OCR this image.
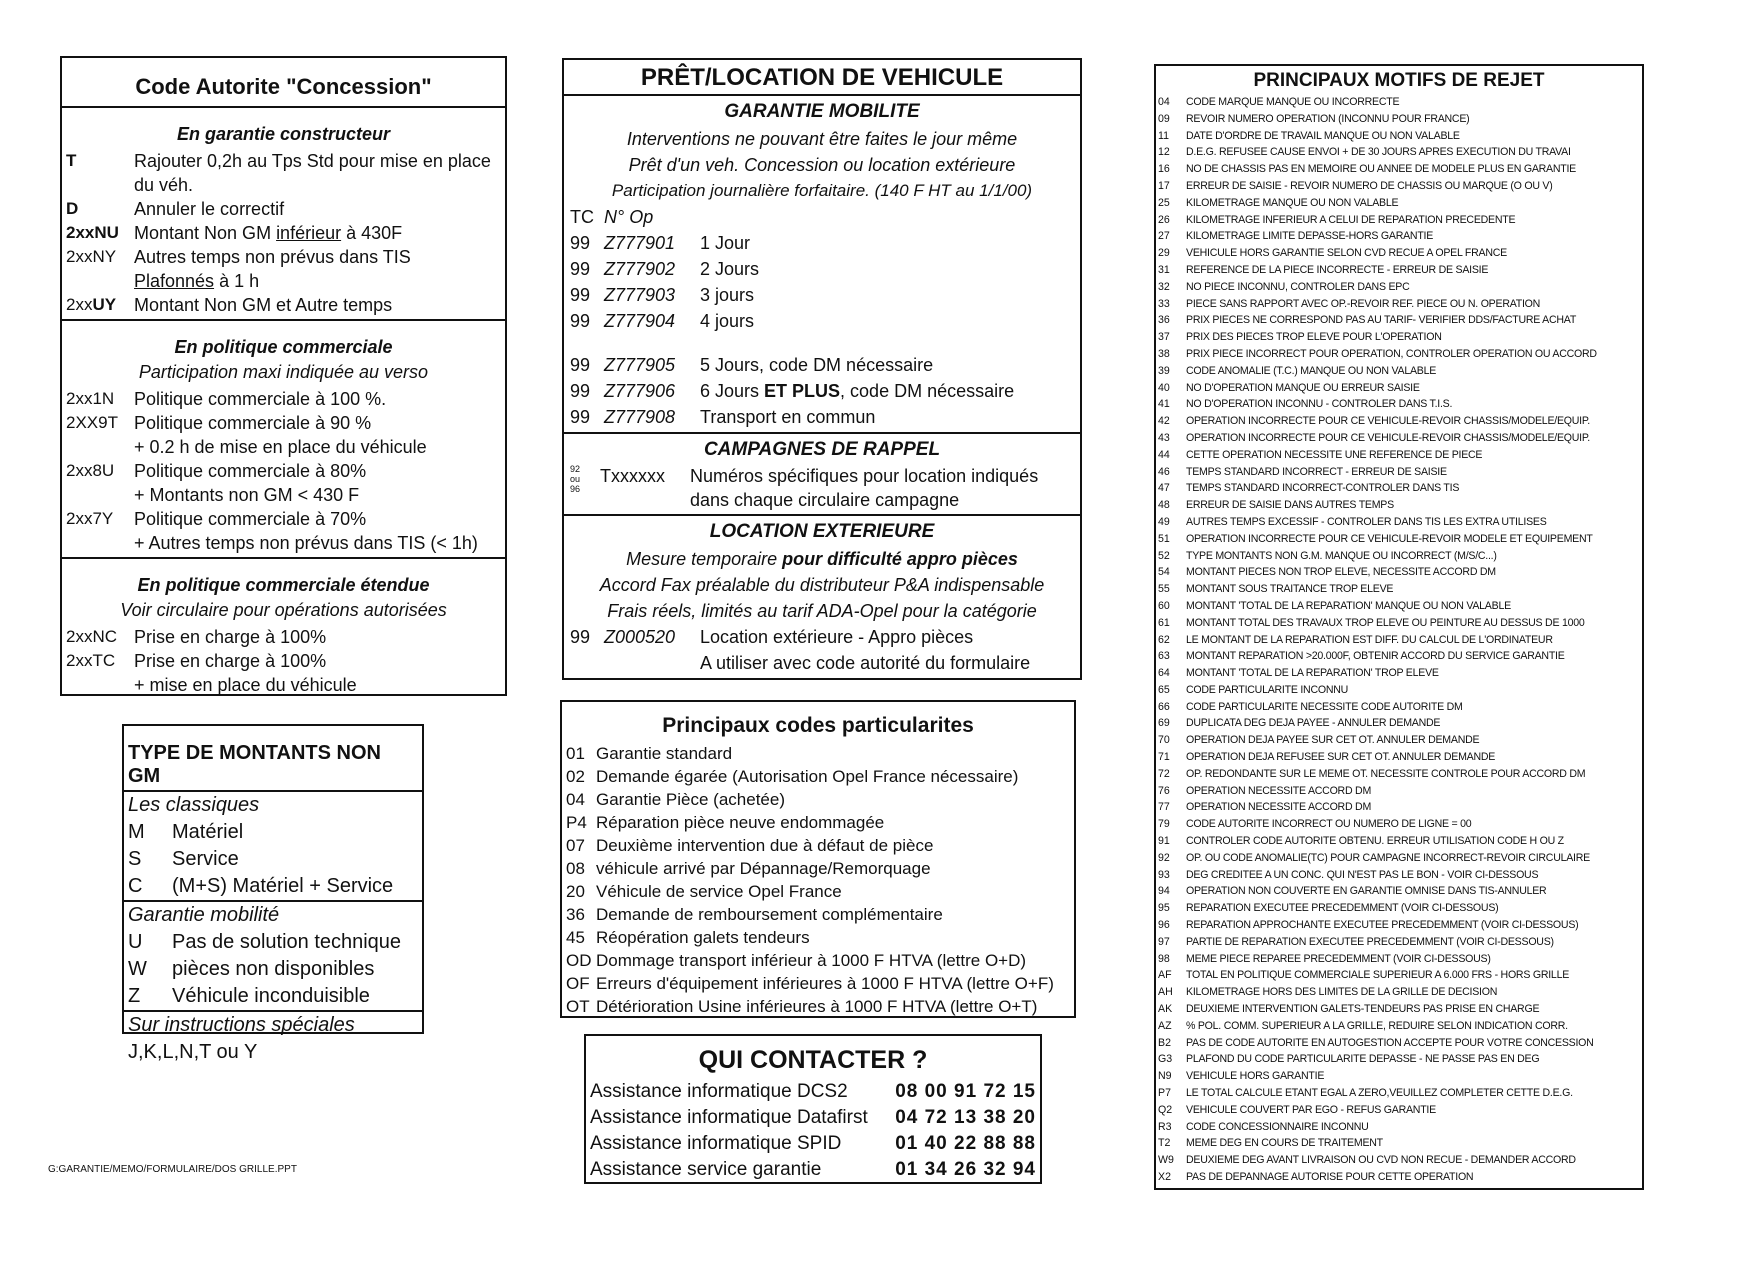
Code Autorite "Concession"
En garantie constructeur
T	Rajouter 0,2h au Tps Std pour mise en place du véh.
D	Annuler le correctif
2xxNU Montant Non GM inférieur à 430F
2xxNY Autres temps non prévus dans TIS
Plafonnés à 1 h
2xxUY Montant Non GM et Autre temps
En politique commerciale
Participation maxi indiquée au verso
2xx1N	Politique commerciale à 100 %.
2XX9T Politique commerciale à 90 %
+ 0.2 h de mise en place du véhicule
2xx8U	Politique commerciale à 80%
+ Montants non GM < 430 F
2xx7Y	Politique commerciale à 70%
+ Autres temps non prévus dans TIS (< 1h)
En politique commerciale étendue
Voir circulaire pour opérations autorisées
2xxNC Prise en charge à 100%
2xxTC	Prise en charge à 100%
+ mise en place du véhicule
TYPE DE MONTANTS NON GM
Les classiques
M	Matériel
S	Service
C	(M+S) Matériel + Service
Garantie mobilité
U	Pas de solution technique
W	pièces non disponibles
Z	Véhicule inconduisible
Sur instructions spéciales
J,K,L,N,T ou Y
PRÊT/LOCATION DE VEHICULE
GARANTIE MOBILITE
Interventions ne pouvant être faites le jour même
Prêt d'un veh. Concession ou location extérieure
Participation journalière forfaitaire. (140 F HT au 1/1/00)
TC N° Op
99 Z777901	1 Jour
99 Z777902	2 Jours
99 Z777903	3 jours
99 Z777904	4 jours
99 Z777905	5 Jours, code DM nécessaire
99 Z777906	6 Jours ET PLUS, code DM nécessaire
99 Z777908	Transport en commun
CAMPAGNES DE RAPPEL
92
ou
96
Txxxxxx	Numéros spécifiques pour location indiqués
dans chaque circulaire campagne
LOCATION EXTERIEURE
Mesure temporaire pour difficulté appro pièces
Accord Fax préalable du distributeur P&A indispensable
Frais réels, limités au tarif ADA-Opel pour la catégorie
99 Z000520	Location extérieure - Appro pièces
A utiliser avec code autorité du formulaire
Principaux codes particularites
01 Garantie standard
02 Demande égarée (Autorisation Opel France nécessaire)
04 Garantie Pièce (achetée)
P4 Réparation pièce neuve endommagée
07 Deuxième intervention due à défaut de pièce
08 véhicule arrivé par Dépannage/Remorquage
20 Véhicule de service Opel France
36 Demande de remboursement complémentaire
45 Réopération galets tendeurs
OD Dommage transport inférieur à 1000 F HTVA (lettre O+D)
OF Erreurs d'équipement inférieures à 1000 F HTVA (lettre O+F)
OT Détérioration Usine inférieures à 1000 F HTVA (lettre O+T)
QUI CONTACTER ?
Assistance informatique DCS2	08 00 91 72 15
Assistance informatique Datafirst 04 72 13 38 20
Assistance informatique SPID	01 40 22 88 88
Assistance service garantie	01 34 26 32 94
PRINCIPAUX MOTIFS DE REJET
04	CODE MARQUE MANQUE OU INCORRECTE
09	REVOIR NUMERO OPERATION (INCONNU POUR FRANCE)
11	DATE D'ORDRE DE TRAVAIL MANQUE OU NON VALABLE
12	D.E.G. REFUSEE CAUSE ENVOI + DE 30 JOURS APRES EXECUTION DU TRAVAI
16	NO DE CHASSIS PAS EN MEMOIRE OU ANNEE DE MODELE PLUS EN GARANTIE
17	ERREUR DE SAISIE - REVOIR NUMERO DE CHASSIS OU MARQUE (O OU V)
25	KILOMETRAGE MANQUE OU NON VALABLE
26	KILOMETRAGE INFERIEUR A CELUI DE REPARATION PRECEDENTE
27	KILOMETRAGE LIMITE DEPASSE-HORS GARANTIE
29	VEHICULE HORS GARANTIE SELON CVD RECUE A OPEL FRANCE
31	REFERENCE DE LA PIECE INCORRECTE - ERREUR DE SAISIE
32	NO PIECE INCONNU, CONTROLER DANS EPC
33	PIECE SANS RAPPORT AVEC OP.-REVOIR REF. PIECE OU N. OPERATION
36	PRIX PIECES NE CORRESPOND PAS AU TARIF- VERIFIER DDS/FACTURE ACHAT
37	PRIX DES PIECES TROP ELEVE POUR L'OPERATION
38	PRIX PIECE INCORRECT POUR OPERATION, CONTROLER OPERATION OU ACCORD
39	CODE ANOMALIE (T.C.) MANQUE OU NON VALABLE
40	NO D'OPERATION MANQUE OU ERREUR SAISIE
41	NO D'OPERATION INCONNU - CONTROLER DANS T.I.S.
42	OPERATION INCORRECTE POUR CE VEHICULE-REVOIR CHASSIS/MODELE/EQUIP.
43	OPERATION INCORRECTE POUR CE VEHICULE-REVOIR CHASSIS/MODELE/EQUIP.
44	CETTE OPERATION NECESSITE UNE REFERENCE DE PIECE
46	TEMPS STANDARD INCORRECT - ERREUR DE SAISIE
47	TEMPS STANDARD INCORRECT-CONTROLER DANS TIS
48	ERREUR DE SAISIE DANS AUTRES TEMPS
49	AUTRES TEMPS EXCESSIF - CONTROLER DANS TIS LES EXTRA UTILISES
51	OPERATION INCORRECTE POUR CE VEHICULE-REVOIR MODELE ET EQUIPEMENT
52	TYPE MONTANTS NON G.M. MANQUE OU INCORRECT (M/S/C...)
54	MONTANT PIECES NON TROP ELEVE, NECESSITE ACCORD DM
55	MONTANT SOUS TRAITANCE TROP ELEVE
60	MONTANT 'TOTAL DE LA REPARATION' MANQUE OU NON VALABLE
61	MONTANT TOTAL DES TRAVAUX TROP ELEVE OU PEINTURE AU DESSUS DE 1000
62	LE MONTANT DE LA REPARATION EST DIFF. DU CALCUL DE L'ORDINATEUR
63	MONTANT REPARATION >20.000F, OBTENIR ACCORD DU SERVICE GARANTIE
64	MONTANT 'TOTAL DE LA REPARATION' TROP ELEVE
65	CODE PARTICULARITE INCONNU
66	CODE PARTICULARITE NECESSITE CODE AUTORITE DM
69	DUPLICATA DEG DEJA PAYEE - ANNULER DEMANDE
70	OPERATION DEJA PAYEE SUR CET OT. ANNULER DEMANDE
71	OPERATION DEJA REFUSEE SUR CET OT. ANNULER DEMANDE
72	OP. REDONDANTE SUR LE MEME OT. NECESSITE CONTROLE POUR ACCORD DM
76	OPERATION NECESSITE ACCORD DM
77	OPERATION NECESSITE ACCORD DM
79	CODE AUTORITE INCORRECT OU NUMERO DE LIGNE = 00
91	CONTROLER CODE AUTORITE OBTENU. ERREUR UTILISATION CODE H OU Z
92	OP. OU CODE ANOMALIE(TC) POUR CAMPAGNE INCORRECT-REVOIR CIRCULAIRE
93	DEG CREDITEE A UN CONC. QUI N'EST PAS LE BON - VOIR CI-DESSOUS
94	OPERATION NON COUVERTE EN GARANTIE OMNISE DANS TIS-ANNULER
95	REPARATION EXECUTEE PRECEDEMMENT (VOIR CI-DESSOUS)
96	REPARATION APPROCHANTE EXECUTEE PRECEDEMMENT (VOIR CI-DESSOUS)
97	PARTIE DE REPARATION EXECUTEE PRECEDEMMENT (VOIR CI-DESSOUS)
98	MEME PIECE REPAREE PRECEDEMMENT (VOIR CI-DESSOUS)
AF	TOTAL EN POLITIQUE COMMERCIALE SUPERIEUR A 6.000 FRS - HORS GRILLE
AH	KILOMETRAGE HORS DES LIMITES DE LA GRILLE DE DECISION
AK	DEUXIEME INTERVENTION GALETS-TENDEURS PAS PRISE EN CHARGE
AZ	% POL. COMM. SUPERIEUR A LA GRILLE, REDUIRE SELON INDICATION CORR.
B2	PAS DE CODE AUTORITE EN AUTOGESTION ACCEPTE POUR VOTRE CONCESSION
G3	PLAFOND DU CODE PARTICULARITE DEPASSE - NE PASSE PAS EN DEG
N9	VEHICULE HORS GARANTIE
P7	LE TOTAL CALCULE ETANT EGAL A ZERO,VEUILLEZ COMPLETER CETTE D.E.G.
Q2	VEHICULE COUVERT PAR EGO - REFUS GARANTIE
R3	CODE CONCESSIONNAIRE INCONNU
T2	MEME DEG EN COURS DE TRAITEMENT
W9	DEUXIEME DEG AVANT LIVRAISON OU CVD NON RECUE - DEMANDER ACCORD
X2	PAS DE DEPANNAGE AUTORISE POUR CETTE OPERATION
G:GARANTIE/MEMO/FORMULAIRE/DOS GRILLE.PPT
